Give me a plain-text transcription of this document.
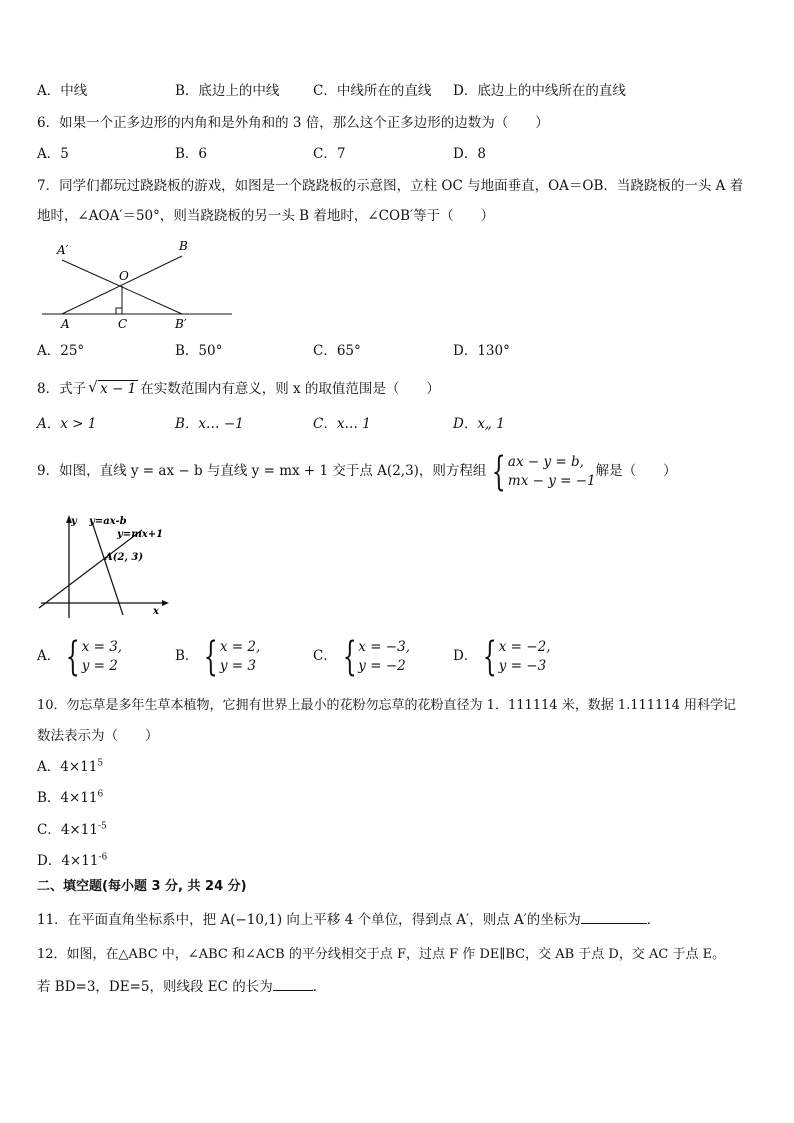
A．中线	B．底边上的中线 C．中线所在的直线 D．底边上的中线所在的直线
6．如果一个正多边形的内角和是外角和的 3 倍，那么这个正多边形的边数为（　　）
A．5	B．6	C．7	D．8
7．同学们都玩过跷跷板的游戏，如图是一个跷跷板的示意图，立柱 OC 与地面垂直，OA＝OB．当跷跷板的一头 A 着
地时，∠AOA′＝50°，则当跷跷板的另一头 B 着地时，∠COB′等于（　　）
A′	B
O
A	C	B′
A．25°	B．50°	C．65°	D．130°
8．式子 √ x − 1 在实数范围内有意义，则 x 的取值范围是（　　）
A．x > 1	B．x… −1	C．x… 1	D．x„ 1
9．如图，直线 y = ax − b 与直线 y = mx + 1 交于点 A(2,3)，则方程组 { ax − y = b,
mx − y = −1
解是（　　）
y y=ax-b
y=mx+1
A(2, 3)
x
A． { x = 3,
y = 2
B． { x = 2,
y = 3
C． { x = −3,
y = −2
D． { x = −2,
y = −3
10．勿忘草是多年生草本植物，它拥有世界上最小的花粉勿忘草的花粉直径为 1．111114 米，数据 1.111114 用科学记
数法表示为（　　）
A．$4\times 11^5$
B．$4\times 11^6$
C．$4\times 11^{-5}$
D．$4\times 11^{-6}$
二、填空题(每小题 3 分, 共 24 分)
11．在平面直角坐标系中，把 A(−10,1) 向上平移 4 个单位，得到点 A′，则点 A′的坐标为	．
12．如图，在△ABC 中，∠ABC 和∠ACB 的平分线相交于点 F，过点 F 作 DE∥BC，交 AB 于点 D，交 AC 于点 E。
若 BD=3，DE=5，则线段 EC 的长为	．
